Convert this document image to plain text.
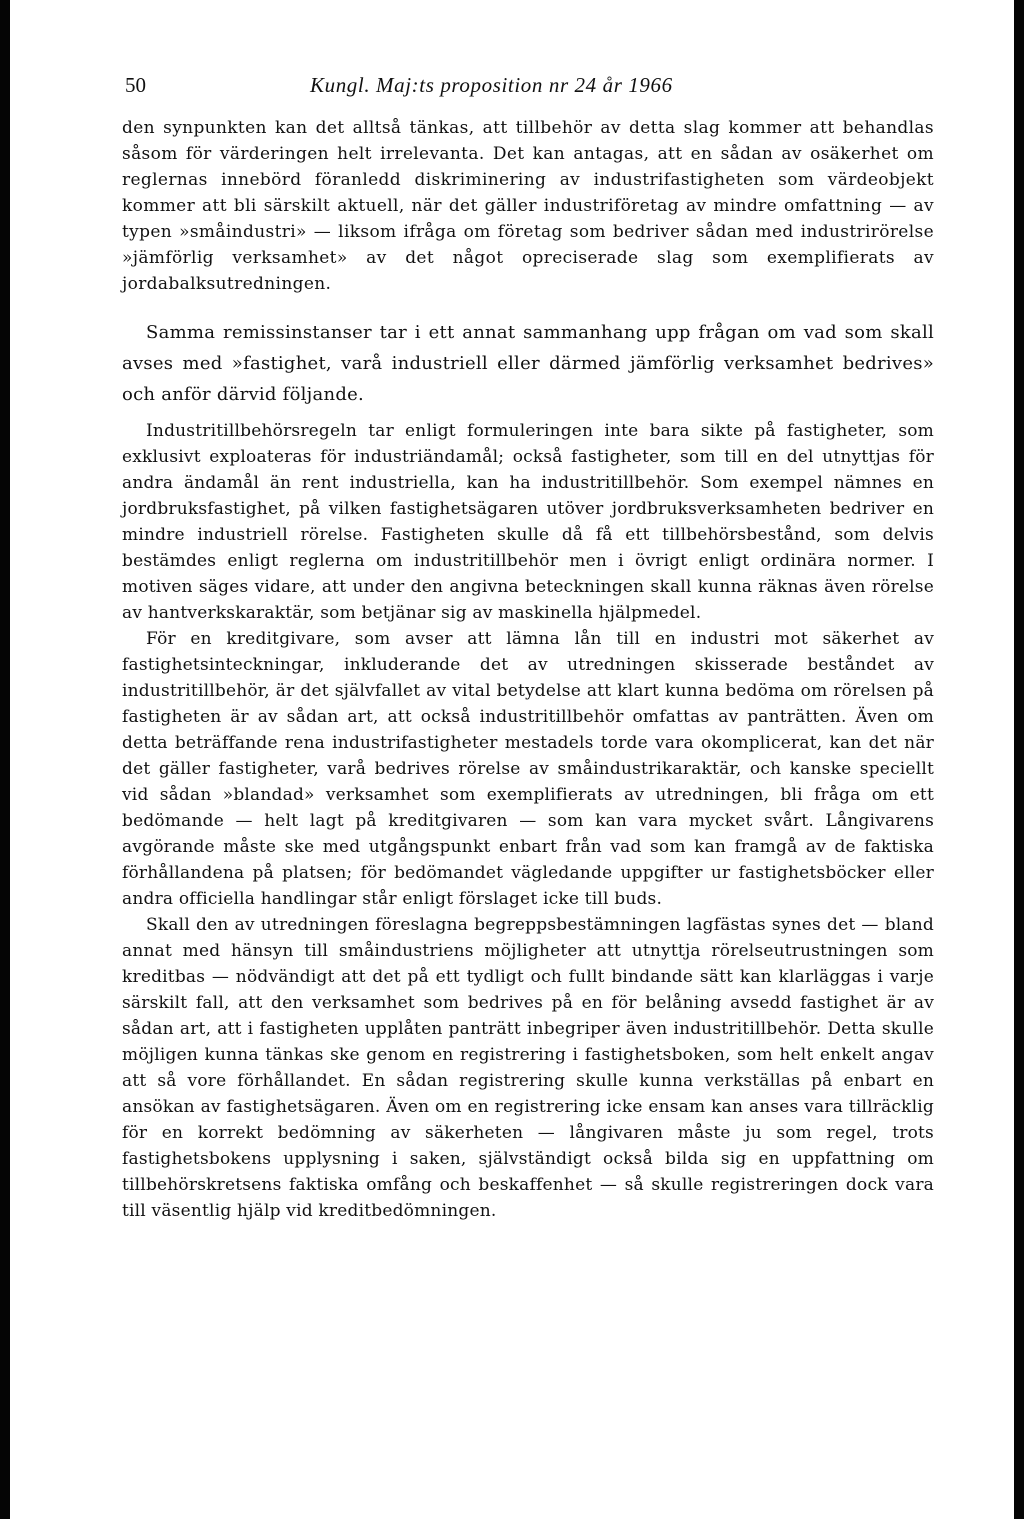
50	Kungl. Maj:ts proposition nr 24 år 1966

den synpunkten kan det alltså tänkas, att tillbehör av detta slag kommer att behandlas såsom för värderingen helt irrelevanta. Det kan antagas, att en sådan av osäkerhet om reglernas innebörd föranledd diskriminering av industrifastigheten som värdeobjekt kommer att bli särskilt aktuell, när det gäller industriföretag av mindre omfattning — av typen »småindustri» — liksom ifråga om företag som bedriver sådan med industrirörelse »jämförlig verksamhet» av det något opreciserade slag som exemplifierats av jordabalksutredningen.

Samma remissinstanser tar i ett annat sammanhang upp frågan om vad som skall avses med »fastighet, varå industriell eller därmed jämförlig verksamhet bedrives» och anför därvid följande.

Industritillbehörsregeln tar enligt formuleringen inte bara sikte på fastigheter, som exklusivt exploateras för industriändamål; också fastigheter, som till en del utnyttjas för andra ändamål än rent industriella, kan ha industritillbehör. Som exempel nämnes en jordbruksfastighet, på vilken fastighetsägaren utöver jordbruksverksamheten bedriver en mindre industriell rörelse. Fastigheten skulle då få ett tillbehörsbestånd, som delvis bestämdes enligt reglerna om industritillbehör men i övrigt enligt ordinära normer. I motiven säges vidare, att under den angivna beteckningen skall kunna räknas även rörelse av hantverkskaraktär, som betjänar sig av maskinella hjälpmedel.

För en kreditgivare, som avser att lämna lån till en industri mot säkerhet av fastighetsinteckningar, inkluderande det av utredningen skisserade beståndet av industritillbehör, är det självfallet av vital betydelse att klart kunna bedöma om rörelsen på fastigheten är av sådan art, att också industritillbehör omfattas av panträtten. Även om detta beträffande rena industrifastigheter mestadels torde vara okomplicerat, kan det när det gäller fastigheter, varå bedrives rörelse av småindustrikaraktär, och kanske speciellt vid sådan »blandad» verksamhet som exemplifierats av utredningen, bli fråga om ett bedömande — helt lagt på kreditgivaren — som kan vara mycket svårt. Långivarens avgörande måste ske med utgångspunkt enbart från vad som kan framgå av de faktiska förhållandena på platsen; för bedömandet vägledande uppgifter ur fastighetsböcker eller andra officiella handlingar står enligt förslaget icke till buds.

Skall den av utredningen föreslagna begreppsbestämningen lagfästas synes det — bland annat med hänsyn till småindustriens möjligheter att utnyttja rörelseutrustningen som kreditbas — nödvändigt att det på ett tydligt och fullt bindande sätt kan klarläggas i varje särskilt fall, att den verksamhet som bedrives på en för belåning avsedd fastighet är av sådan art, att i fastigheten upplåten panträtt inbegriper även industritillbehör. Detta skulle möjligen kunna tänkas ske genom en registrering i fastighetsboken, som helt enkelt angav att så vore förhållandet. En sådan registrering skulle kunna verkställas på enbart en ansökan av fastighetsägaren. Även om en registrering icke ensam kan anses vara tillräcklig för en korrekt bedömning av säkerheten — långivaren måste ju som regel, trots fastighetsbokens upplysning i saken, självständigt också bilda sig en uppfattning om tillbehörskretsens faktiska omfång och beskaffenhet — så skulle registreringen dock vara till väsentlig hjälp vid kreditbedömningen.
